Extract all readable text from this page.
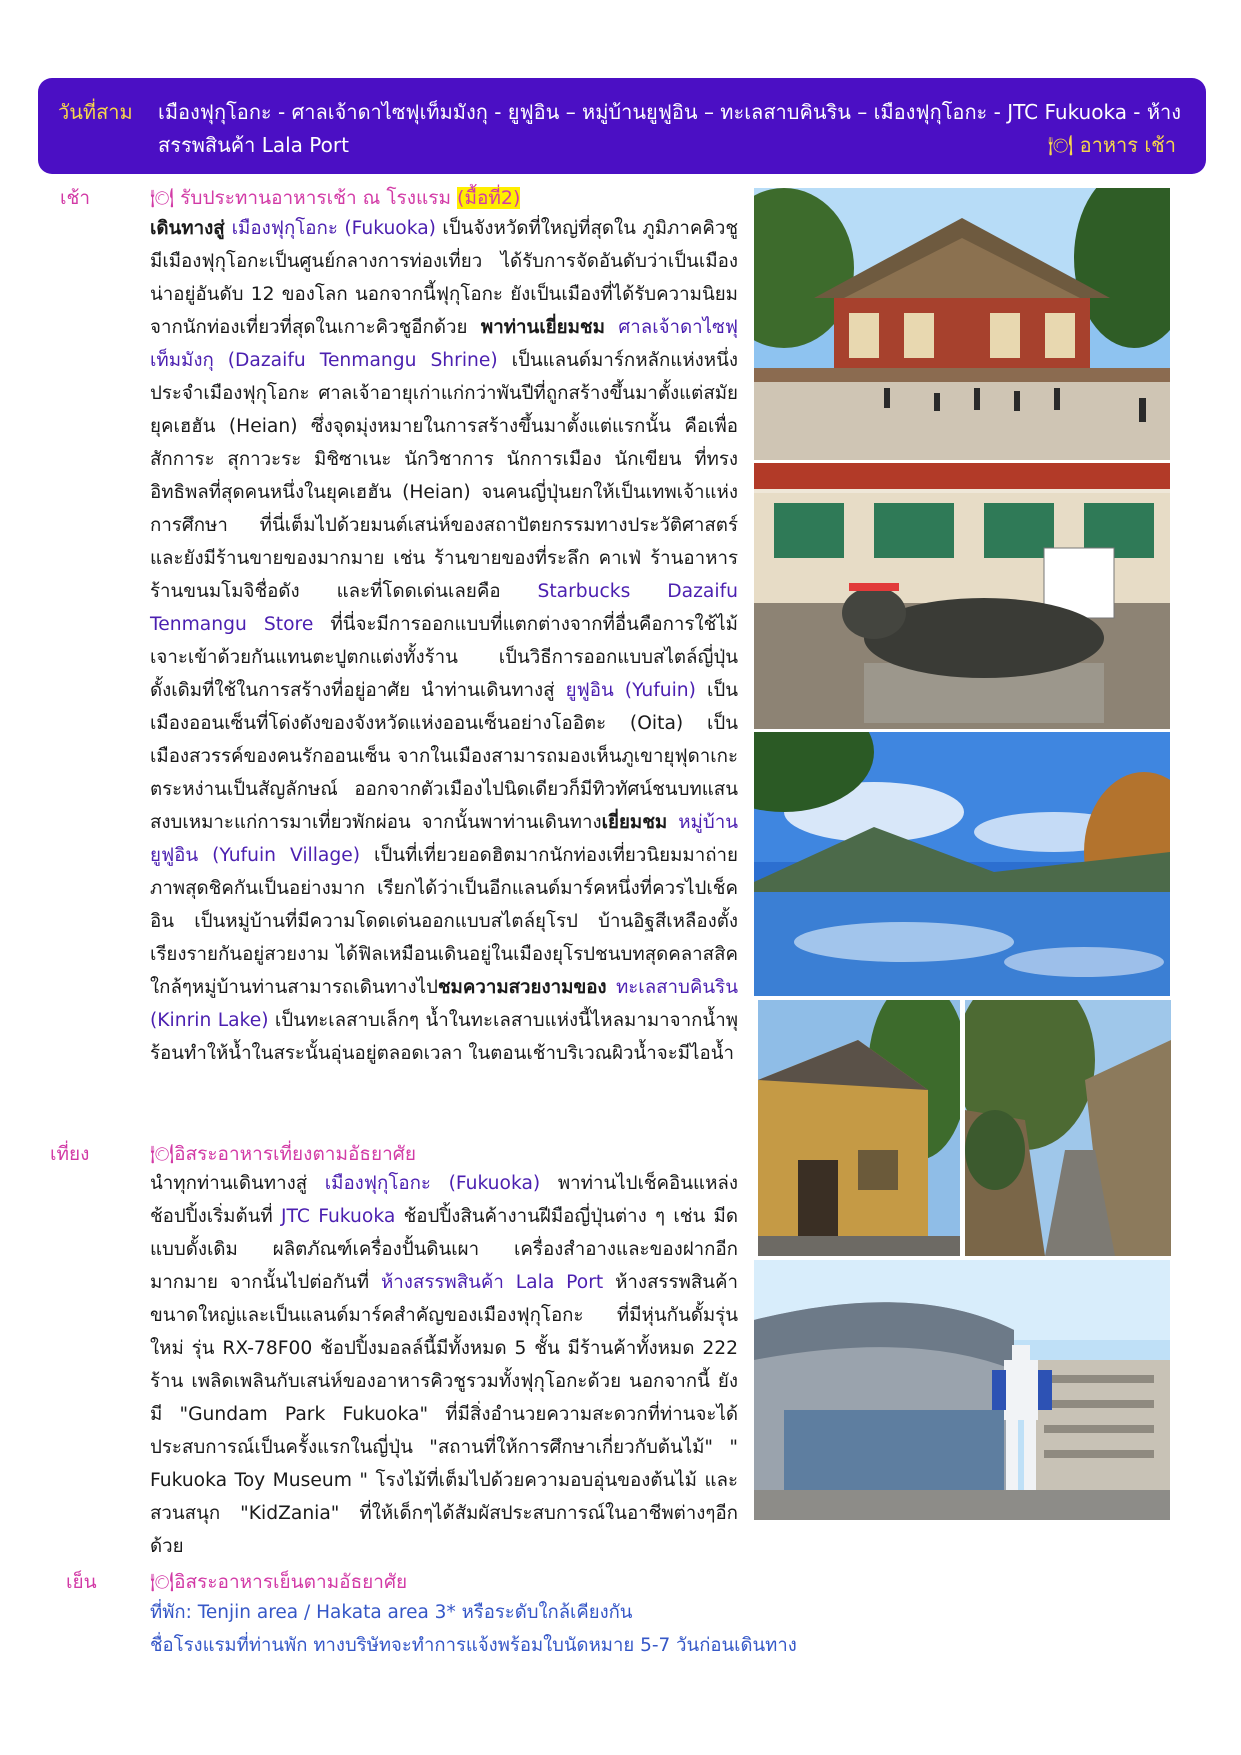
วันที่สาม เมืองฟุกุโอกะ - ศาลเจ้าดาไซฟุเท็มมังกุ - ยูฟูอิน – หมู่บ้านยูฟูอิน – ทะเลสาบคินริน – เมืองฟุกุโอกะ - JTC Fukuoka - ห้างสรรพสินค้า Lala Port	🍽 อาหาร เช้า
เช้า	🍽 รับประทานอาหารเช้า ณ โรงแรม (มื้อที่2)
เดินทางสู่ เมืองฟุกุโอกะ (Fukuoka) เป็นจังหวัดที่ใหญ่ที่สุดใน ภูมิภาคคิวชู มีเมืองฟุกุโอกะเป็นศูนย์กลางการท่องเที่ยว ได้รับการจัดอันดับว่าเป็นเมืองน่าอยู่อันดับ 12 ของโลก นอกจากนี้ฟุกุโอกะ ยังเป็นเมืองที่ได้รับความนิยมจากนักท่องเที่ยวที่สุดในเกาะคิวชูอีกด้วย พาท่านเยี่ยมชม ศาลเจ้าดาไซฟุเท็มมังกุ (Dazaifu Tenmangu Shrine) เป็นแลนด์มาร์กหลักแห่งหนึ่ง ประจำเมืองฟุกุโอกะ ศาลเจ้าอายุเก่าแก่กว่าพันปีที่ถูกสร้างขึ้นมาตั้งแต่สมัยยุคเฮฮัน (Heian) ซึ่งจุดมุ่งหมายในการสร้างขึ้นมาตั้งแต่แรกนั้น คือเพื่อสักการะ สุกาวะระ มิชิซาเนะ นักวิชาการ นักการเมือง นักเขียน ที่ทรงอิทธิพลที่สุดคนหนึ่งในยุคเฮฮัน (Heian) จนคนญี่ปุ่นยกให้เป็นเทพเจ้าแห่งการศึกษา ที่นี่เต็มไปด้วยมนต์เสน่ห์ของสถาปัตยกรรมทางประวัติศาสตร์ และยังมีร้านขายของมากมาย เช่น ร้านขายของที่ระลึก คาเฟ่ ร้านอาหาร ร้านขนมโมจิชื่อดัง และที่โดดเด่นเลยคือ Starbucks Dazaifu Tenmangu Store ที่นี่จะมีการออกแบบที่แตกต่างจากที่อื่นคือการใช้ไม้เจาะเข้าด้วยกันแทนตะปูตกแต่งทั้งร้าน เป็นวิธีการออกแบบสไตล์ญี่ปุ่นดั้งเดิมที่ใช้ในการสร้างที่อยู่อาศัย นำท่านเดินทางสู่ ยูฟูอิน (Yufuin) เป็นเมืองออนเซ็นที่โด่งดังของจังหวัดแห่งออนเซ็นอย่างโออิตะ (Oita) เป็นเมืองสวรรค์ของคนรักออนเซ็น จากในเมืองสามารถมองเห็นภูเขายุฟุดาเกะตระหง่านเป็นสัญลักษณ์ ออกจากตัวเมืองไปนิดเดียวก็มีทิวทัศน์ชนบทแสนสงบเหมาะแก่การมาเที่ยวพักผ่อน จากนั้นพาท่านเดินทางเยี่ยมชม หมู่บ้านยูฟูอิน (Yufuin Village) เป็นที่เที่ยวยอดฮิตมากนักท่องเที่ยวนิยมมาถ่ายภาพสุดชิคกันเป็นอย่างมาก เรียกได้ว่าเป็นอีกแลนด์มาร์คหนึ่งที่ควรไปเช็คอิน เป็นหมู่บ้านที่มีความโดดเด่นออกแบบสไตล์ยุโรป บ้านอิฐสีเหลืองตั้งเรียงรายกันอยู่สวยงาม ได้ฟิลเหมือนเดินอยู่ในเมืองยุโรปชนบทสุดคลาสสิค ใกล้ๆหมู่บ้านท่านสามารถเดินทางไปชมความสวยงามของ ทะเลสาบคินริน (Kinrin Lake) เป็นทะเลสาบเล็กๆ น้ำในทะเลสาบแห่งนี้ไหลมามาจากน้ำพุร้อนทำให้น้ำในสระนั้นอุ่นอยู่ตลอดเวลา ในตอนเช้าบริเวณผิวน้ำจะมีไอน้ำ
เที่ยง	🍽อิสระอาหารเที่ยงตามอัธยาศัย
นำทุกท่านเดินทางสู่ เมืองฟุกุโอกะ (Fukuoka) พาท่านไปเช็คอินแหล่งช้อปปิ้งเริ่มต้นที่ JTC Fukuoka ช้อปปิ้งสินค้างานฝีมือญี่ปุ่นต่าง ๆ เช่น มีดแบบดั้งเดิม ผลิตภัณฑ์เครื่องปั้นดินเผา เครื่องสำอางและของฝากอีกมากมาย จากนั้นไปต่อกันที่ ห้างสรรพสินค้า Lala Port ห้างสรรพสินค้าขนาดใหญ่และเป็นแลนด์มาร์คสำคัญของเมืองฟุกุโอกะ ที่มีหุ่นกันดั้มรุ่นใหม่ รุ่น RX-78F00 ช้อปปิ้งมอลล์นี้มีทั้งหมด 5 ชั้น มีร้านค้าทั้งหมด 222 ร้าน เพลิดเพลินกับเสน่ห์ของอาหารคิวชูรวมทั้งฟุกุโอกะด้วย นอกจากนี้ ยังมี "Gundam Park Fukuoka" ที่มีสิ่งอำนวยความสะดวกที่ท่านจะได้ประสบการณ์เป็นครั้งแรกในญี่ปุ่น "สถานที่ให้การศึกษาเกี่ยวกับต้นไม้" " Fukuoka Toy Museum " โรงไม้ที่เต็มไปด้วยความอบอุ่นของต้นไม้ และสวนสนุก "KidZania" ที่ให้เด็กๆได้สัมผัสประสบการณ์ในอาชีพต่างๆอีกด้วย
เย็น	🍽อิสระอาหารเย็นตามอัธยาศัย
ที่พัก: Tenjin area / Hakata area 3* หรือระดับใกล้เคียงกัน
ชื่อโรงแรมที่ท่านพัก ทางบริษัทจะทำการแจ้งพร้อมใบนัดหมาย 5-7 วันก่อนเดินทาง
